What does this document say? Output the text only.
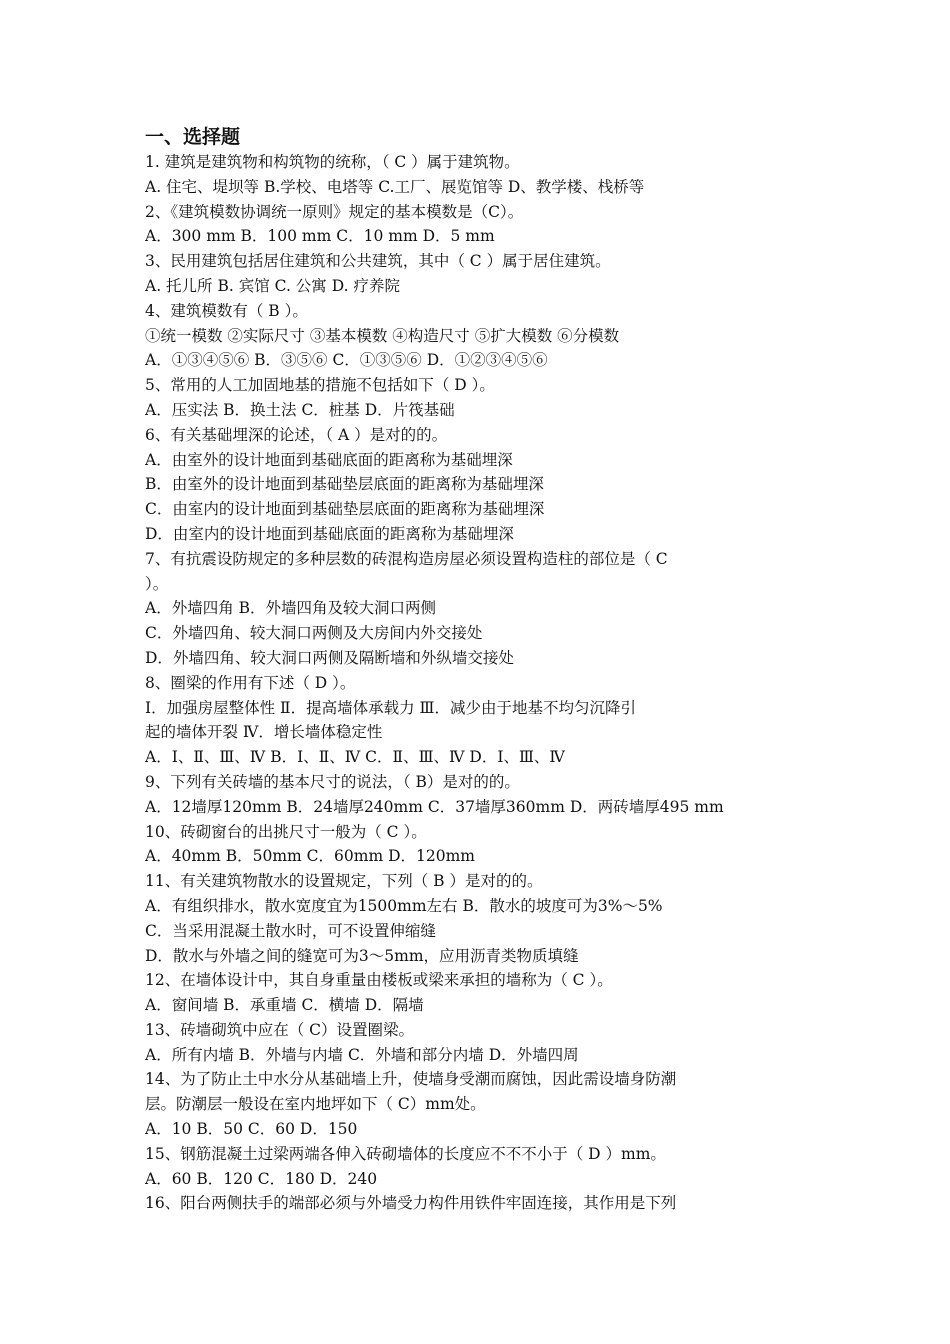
一、选择题

1. 建筑是建筑物和构筑物的统称，（ C ）属于建筑物。

A. 住宅、堤坝等 B.学校、电塔等 C.工厂、展览馆等 D、教学楼、栈桥等

2、《建筑模数协调统一原则》规定的基本模数是（C）。

A．300 mm B．100 mm C．10 mm D．5 mm

3、民用建筑包括居住建筑和公共建筑，其中（ C ）属于居住建筑。

A. 托儿所 B. 宾馆 C. 公寓 D. 疗养院

4、建筑模数有（ B ）。

①统一模数 ②实际尺寸 ③基本模数 ④构造尺寸 ⑤扩大模数 ⑥分模数

A．①③④⑤⑥ B．③⑤⑥ C．①③⑤⑥ D．①②③④⑤⑥

5、常用的人工加固地基的措施不包括如下（ D ）。

A．压实法 B．换土法 C．桩基 D．片筏基础

6、有关基础埋深的论述，（ A ）是对的的。

A．由室外的设计地面到基础底面的距离称为基础埋深

B．由室外的设计地面到基础垫层底面的距离称为基础埋深

C．由室内的设计地面到基础垫层底面的距离称为基础埋深

D．由室内的设计地面到基础底面的距离称为基础埋深

7、有抗震设防规定的多种层数的砖混构造房屋必须设置构造柱的部位是（ C

）。

A．外墙四角 B．外墙四角及较大洞口两侧

C．外墙四角、较大洞口两侧及大房间内外交接处

D．外墙四角、较大洞口两侧及隔断墙和外纵墙交接处

8、圈梁的作用有下述（ D ）。

Ⅰ．加强房屋整体性 Ⅱ．提高墙体承载力 Ⅲ．减少由于地基不均匀沉降引

起的墙体开裂 Ⅳ．增长墙体稳定性

A．Ⅰ、Ⅱ、Ⅲ、Ⅳ B．Ⅰ、Ⅱ、Ⅳ C．Ⅱ、Ⅲ、Ⅳ D．Ⅰ、Ⅲ、Ⅳ

9、下列有关砖墙的基本尺寸的说法，（ B）是对的的。

A．12墙厚120mm B．24墙厚240mm C．37墙厚360mm D．两砖墙厚495 mm

10、砖砌窗台的出挑尺寸一般为（ C ）。

A．40mm B．50mm C．60mm D．120mm

11、有关建筑物散水的设置规定，下列（ B ）是对的的。

A．有组织排水，散水宽度宜为1500mm左右 B．散水的坡度可为3%～5%

C．当采用混凝土散水时，可不设置伸缩缝

D．散水与外墙之间的缝宽可为3～5mm，应用沥青类物质填缝

12、在墙体设计中，其自身重量由楼板或梁来承担的墙称为（ C ）。

A．窗间墙 B．承重墙 C．横墙 D．隔墙

13、砖墙砌筑中应在（ C）设置圈梁。

A．所有内墙 B．外墙与内墙 C．外墙和部分内墙 D．外墙四周

14、为了防止土中水分从基础墙上升，使墙身受潮而腐蚀，因此需设墙身防潮

层。防潮层一般设在室内地坪如下（ C）mm处。

A．10 B．50 C．60 D．150

15、钢筋混凝土过梁两端各伸入砖砌墙体的长度应不不不小于（ D ）mm。

A．60 B．120 C．180 D．240

16、阳台两侧扶手的端部必须与外墙受力构件用铁件牢固连接，其作用是下列
